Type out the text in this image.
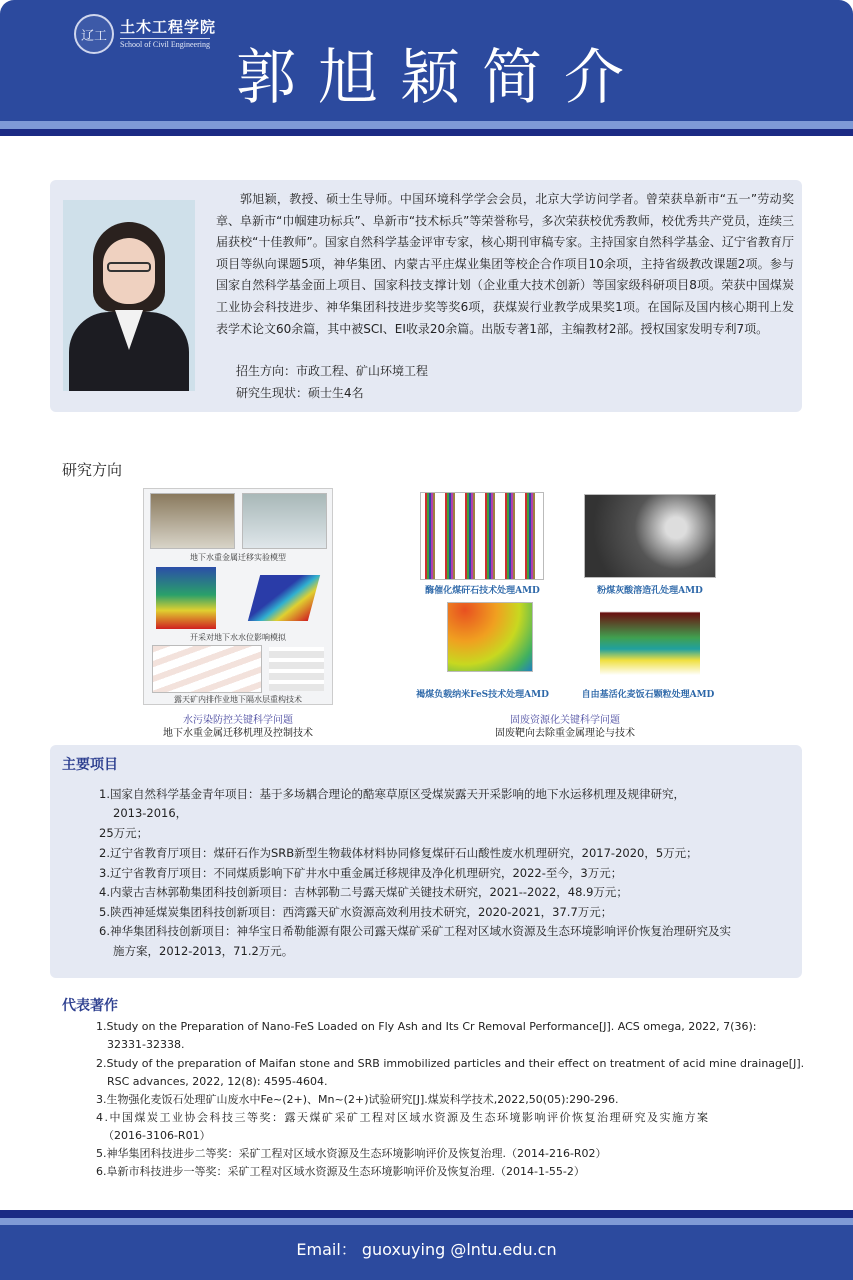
辽工 土木工程学院
School of Civil Engineering 郭旭颖简介
郭旭颖，教授、硕士生导师。中国环境科学学会会员，北京大学访问学者。曾荣获阜新市“五一”劳动奖章、阜新市“巾帼建功标兵”、阜新市“技术标兵”等荣誉称号，多次荣获校优秀教师，校优秀共产党员，连续三届获校“十佳教师”。国家自然科学基金评审专家，核心期刊审稿专家。主持国家自然科学基金、辽宁省教育厅项目等纵向课题5项，神华集团、内蒙古平庄煤业集团等校企合作项目10余项，主持省级教改课题2项。参与国家自然科学基金面上项目、国家科技支撑计划（企业重大技术创新）等国家级科研项目8项。荣获中国煤炭工业协会科技进步、神华集团科技进步奖等奖6项，获煤炭行业教学成果奖1项。在国际及国内核心期刊上发表学术论文60余篇，其中被SCI、EI收录20余篇。出版专著1部，主编教材2部。授权国家发明专利7项。
招生方向：市政工程、矿山环境工程
研究生现状：硕士生4名
研究方向
地下水重金属迁移实验模型
开采对地下水水位影响模拟
露天矿内排作业地下隔水层重构技术
水污染防控关键科学问题
地下水重金属迁移机理及控制技术
酶催化煤矸石技术处理AMD	粉煤灰酸溶造孔处理AMD
褐煤负载纳米FeS技术处理AMD	自由基活化麦饭石颗粒处理AMD
固废资源化关键科学问题
固废靶向去除重金属理论与技术
主要项目
1.国家自然科学基金青年项目：基于多场耦合理论的酷寒草原区受煤炭露天开采影响的地下水运移机理及规律研究，
2013-2016，
25万元；
2.辽宁省教育厅项目：煤矸石作为SRB新型生物载体材料协同修复煤矸石山酸性废水机理研究，2017-2020，5万元；
3.辽宁省教育厅项目：不同煤质影响下矿井水中重金属迁移规律及净化机理研究，2022-至今，3万元；
4.内蒙古吉林郭勒集团科技创新项目：吉林郭勒二号露天煤矿关键技术研究，2021--2022，48.9万元；
5.陕西神延煤炭集团科技创新项目：西湾露天矿水资源高效利用技术研究，2020-2021，37.7万元；
6.神华集团科技创新项目：神华宝日希勒能源有限公司露天煤矿采矿工程对区域水资源及生态环境影响评价恢复治理研究及实
施方案，2012-2013，71.2万元。
代表著作
1.Study on the Preparation of Nano-FeS Loaded on Fly Ash and Its Cr Removal Performance[J]. ACS omega, 2022, 7(36):
32331-32338.
2.Study of the preparation of Maifan stone and SRB immobilized particles and their effect on treatment of acid mine drainage[J].
RSC advances, 2022, 12(8): 4595-4604.
3.生物强化麦饭石处理矿山废水中Fe~(2+)、Mn~(2+)试验研究[J].煤炭科学技术,2022,50(05):290-296.
4.中国煤炭工业协会科技三等奖：露天煤矿采矿工程对区域水资源及生态环境影响评价恢复治理研究及实施方案
（2016-3106-R01）
5.神华集团科技进步二等奖：采矿工程对区域水资源及生态环境影响评价及恢复治理.（2014-216-R02）
6.阜新市科技进步一等奖：采矿工程对区域水资源及生态环境影响评价及恢复治理.（2014-1-55-2）
Email： guoxuying @lntu.edu.cn
